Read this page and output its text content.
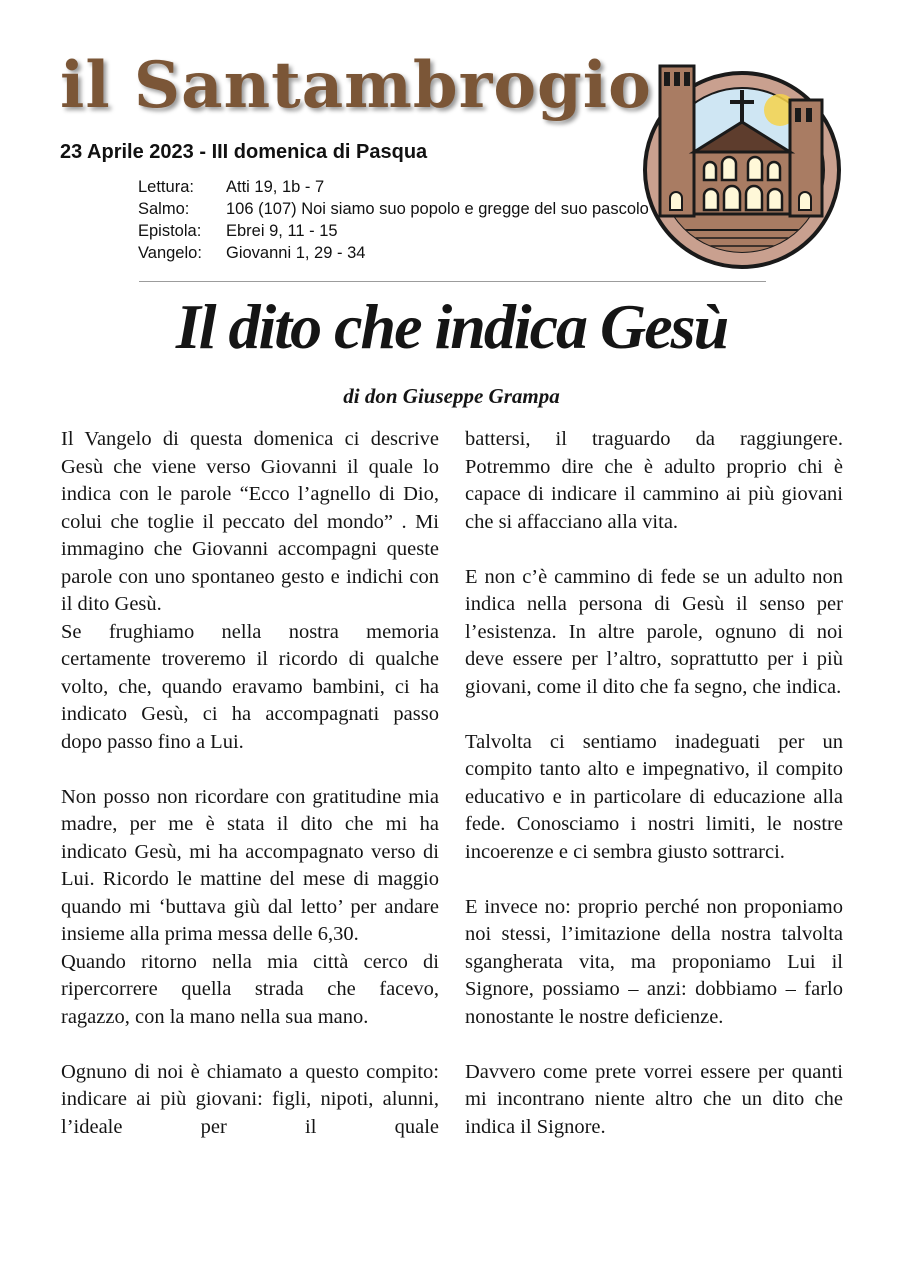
il Santambrogio
23 Aprile 2023 - III domenica di Pasqua
Lettura:	Atti 19, 1b - 7
Salmo:	106 (107) Noi siamo suo popolo e gregge del suo pascolo
Epistola:	Ebrei 9, 11 - 15
Vangelo:	Giovanni 1, 29 - 34
Il dito che indica Gesù
di don Giuseppe Grampa

Il Vangelo di questa domenica ci descrive Gesù che viene verso Giovanni il quale lo indica con le parole “Ecco l’agnello di Dio, colui che toglie il peccato del mondo” . Mi immagino che Giovanni accompagni queste parole con uno spontaneo gesto e indichi con il dito Gesù.

Se frughiamo nella nostra memoria certamente troveremo il ricordo di qualche volto, che, quando eravamo bambini, ci ha indicato Gesù, ci ha accompagnati passo dopo passo fino a Lui.

Non posso non ricordare con gratitudine mia madre, per me è stata il dito che mi ha indicato Gesù, mi ha accompagnato verso di Lui. Ricordo le mattine del mese di maggio quando mi ‘buttava giù dal letto’ per andare insieme alla prima messa delle 6,30.

Quando ritorno nella mia città cerco di ripercorrere quella strada che facevo, ragazzo, con la mano nella sua mano.

Ognuno di noi è chiamato a questo compito: indicare ai più giovani: figli, nipoti, alunni, l’ideale per il quale

battersi, il traguardo da raggiungere. Potremmo dire che è adulto proprio chi è capace di indicare il cammino ai più giovani che si affacciano alla vita.

E non c’è cammino di fede se un adulto non indica nella persona di Gesù il senso per l’esistenza. In altre parole, ognuno di noi deve essere per l’altro, soprattutto per i più giovani, come il dito che fa segno, che indica.

Talvolta ci sentiamo inadeguati per un compito tanto alto e impegnativo, il compito educativo e in particolare di educazione alla fede. Conosciamo i nostri limiti, le nostre incoerenze e ci sembra giusto sottrarci.

E invece no: proprio perché non proponiamo noi stessi, l’imitazione della nostra talvolta sgangherata vita, ma proponiamo Lui il Signore, possiamo – anzi: dobbiamo – farlo nonostante le nostre deficienze.

Davvero come prete vorrei essere per quanti mi incontrano niente altro che un dito che indica il Signore.
